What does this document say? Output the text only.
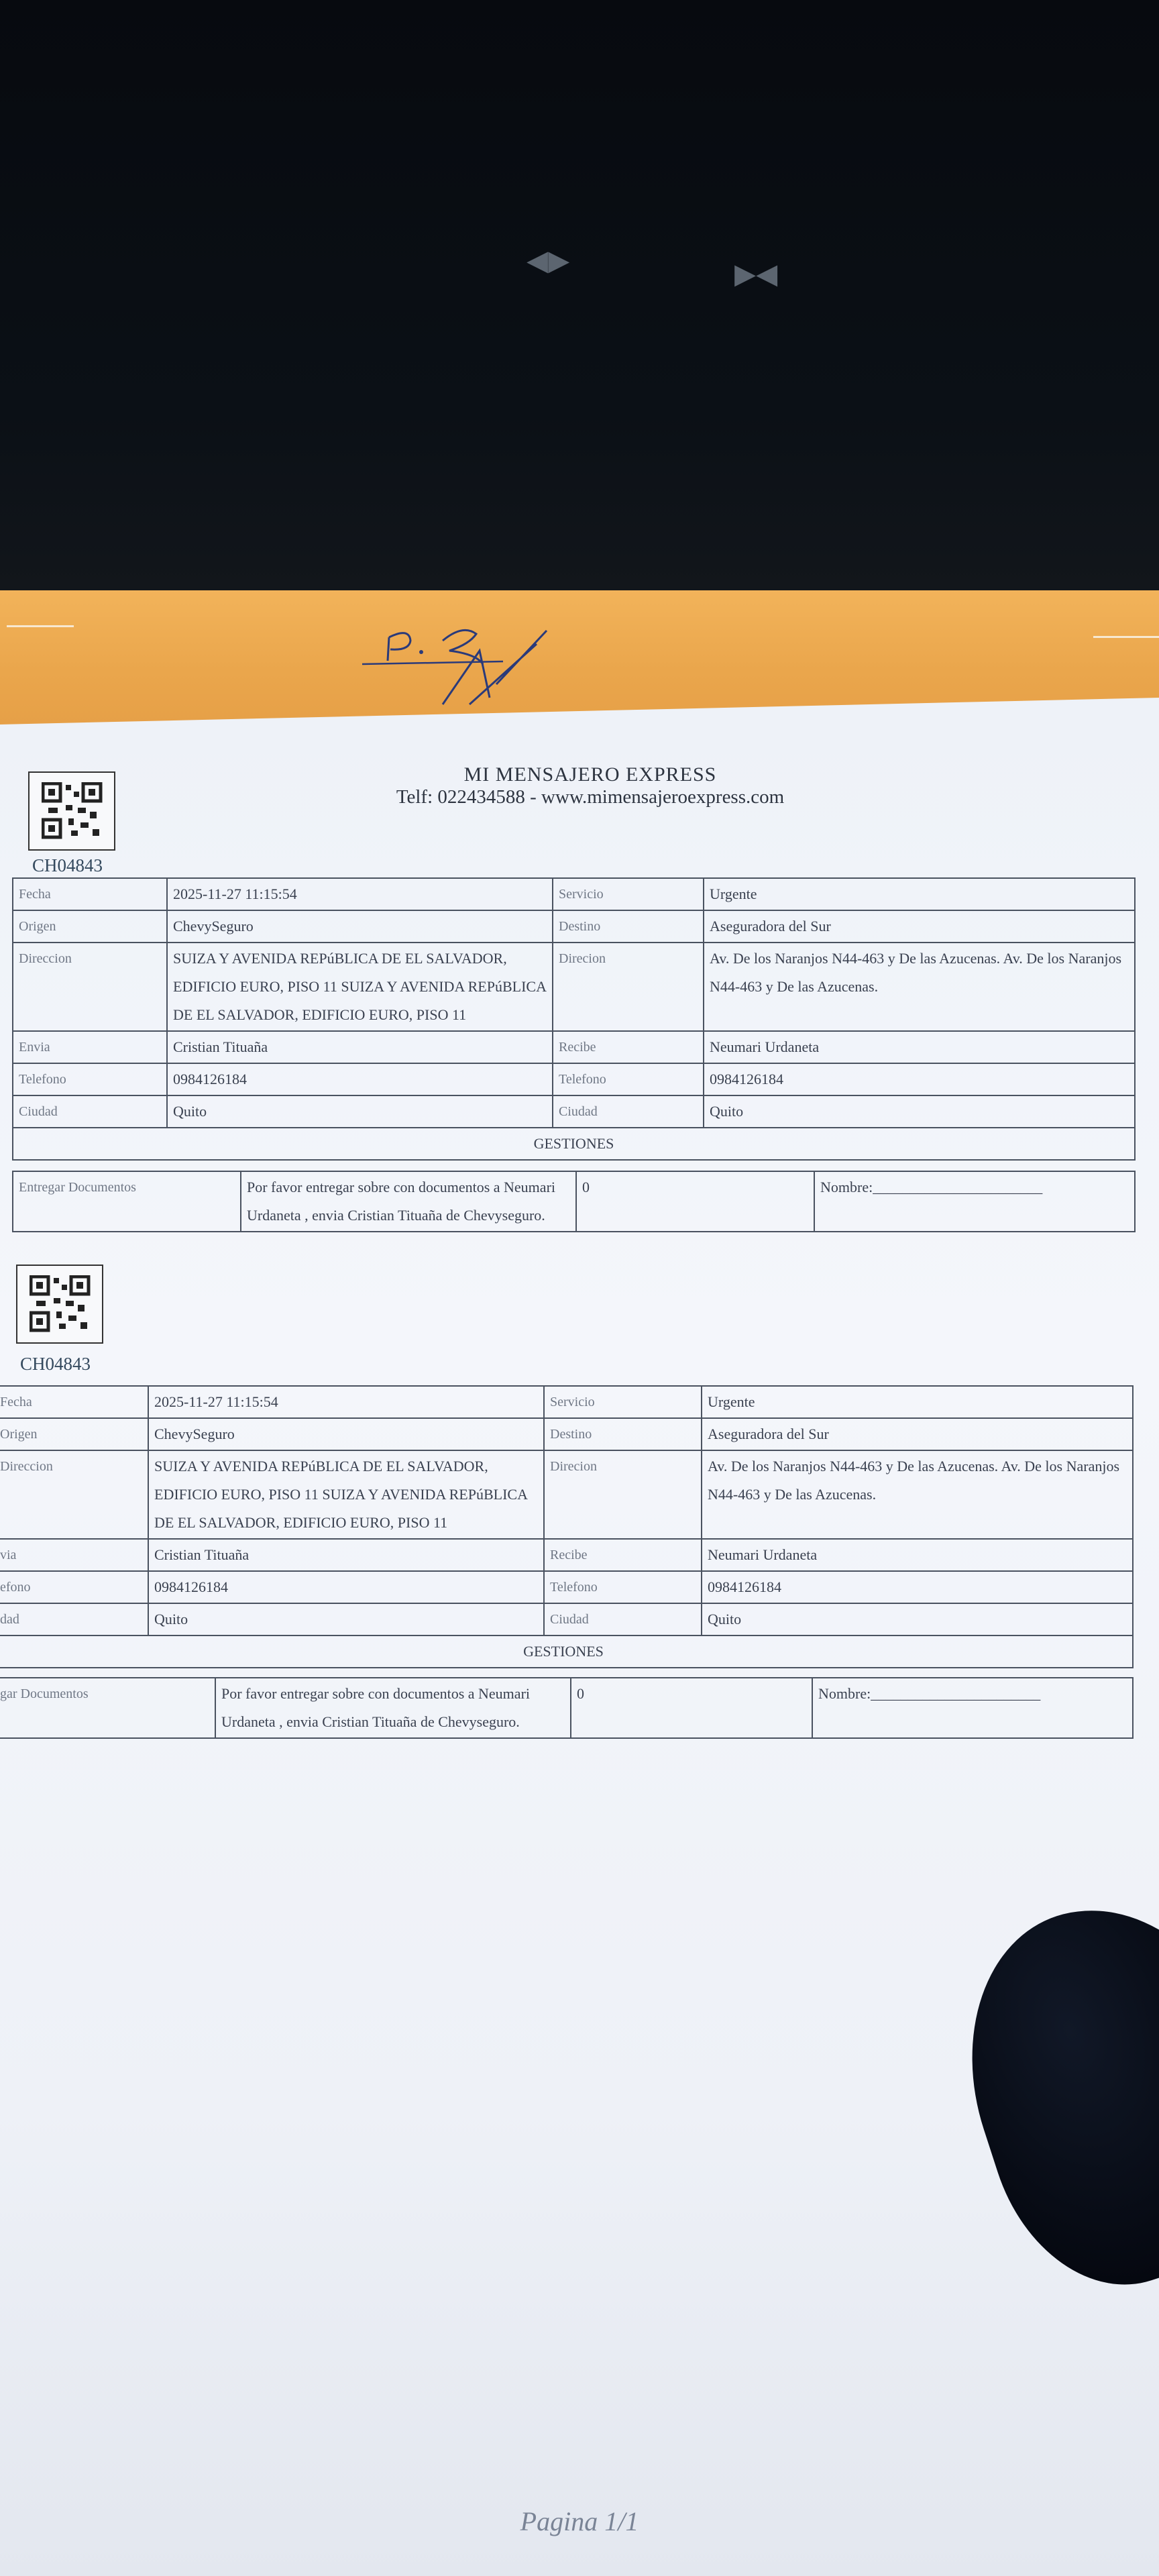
◂▸	▸◂
MI MENSAJERO EXPRESS
Telf: 022434588 - www.mimensajeroexpress.com
CH04843
Fecha	2025-11-27 11:15:54	Servicio	Urgente
Origen	ChevySeguro	Destino	Aseguradora del Sur
Direccion	SUIZA Y AVENIDA REPúBLICA DE EL SALVADOR, EDIFICIO EURO, PISO 11 SUIZA Y AVENIDA REPúBLICA DE EL SALVADOR, EDIFICIO EURO, PISO 11	Direcion	Av. De los Naranjos N44-463 y De las Azucenas. Av. De los Naranjos N44-463 y De las Azucenas.
Envia	Cristian Tituaña	Recibe	Neumari Urdaneta
Telefono	0984126184	Telefono	0984126184
Ciudad	Quito	Ciudad	Quito
GESTIONES			
Entregar Documentos	Por favor entregar sobre con documentos a Neumari Urdaneta , envia Cristian Tituaña de Chevyseguro.	0	Nombre:_______________________
CH04843
Fecha	2025-11-27 11:15:54	Servicio	Urgente
Origen	ChevySeguro	Destino	Aseguradora del Sur
Direccion	SUIZA Y AVENIDA REPúBLICA DE EL SALVADOR, EDIFICIO EURO, PISO 11 SUIZA Y AVENIDA REPúBLICA DE EL SALVADOR, EDIFICIO EURO, PISO 11	Direcion	Av. De los Naranjos N44-463 y De las Azucenas. Av. De los Naranjos N44-463 y De las Azucenas.
via	Cristian Tituaña	Recibe	Neumari Urdaneta
efono	0984126184	Telefono	0984126184
dad	Quito	Ciudad	Quito
GESTIONES			
gar Documentos	Por favor entregar sobre con documentos a Neumari Urdaneta , envia Cristian Tituaña de Chevyseguro.	0	Nombre:_______________________
Pagina 1/1
